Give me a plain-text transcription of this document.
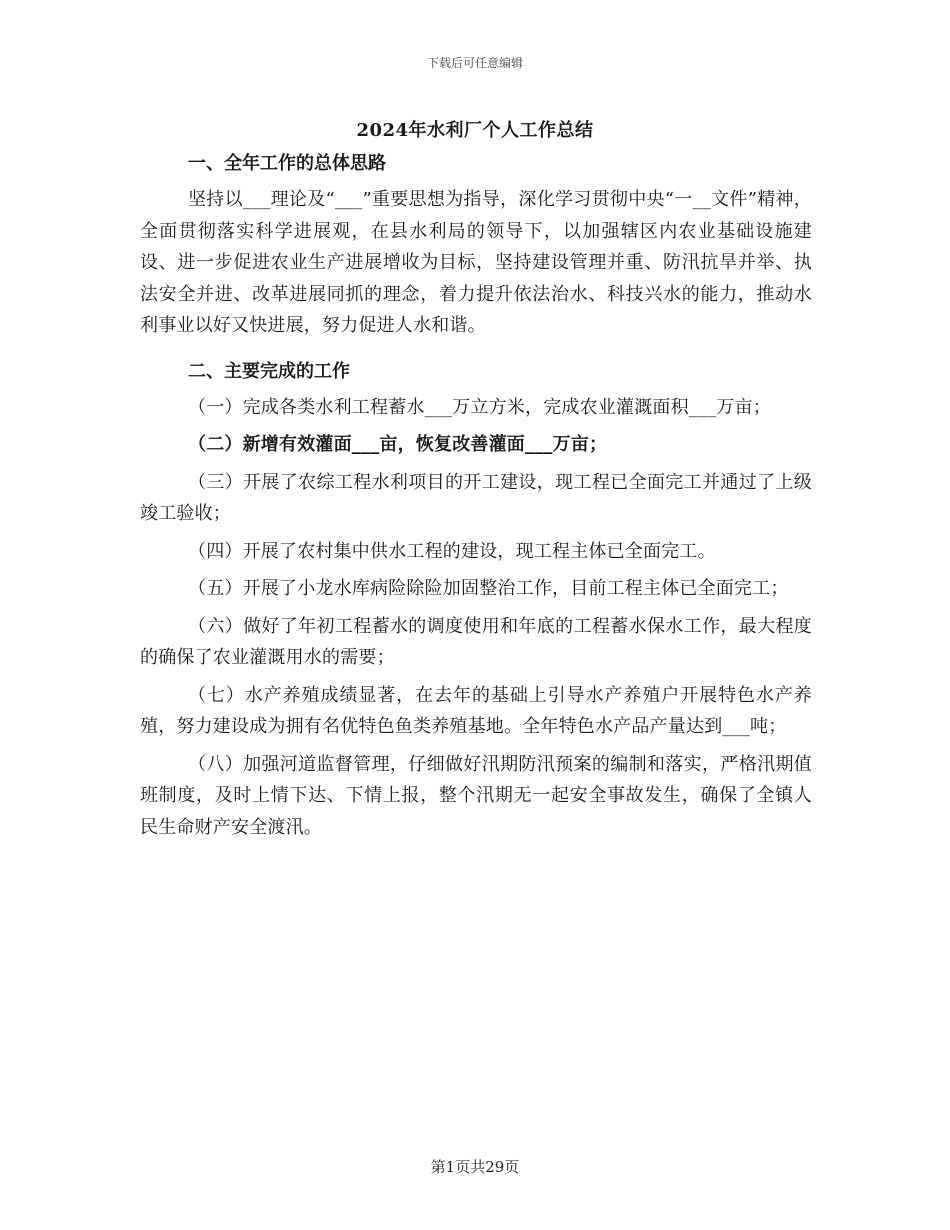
下载后可任意编辑
2024年水利厂个人工作总结
一、全年工作的总体思路

坚持以___理论及“___”重要思想为指导，深化学习贯彻中央“一__文件”精神，全面贯彻落实科学进展观，在县水利局的领导下，以加强辖区内农业基础设施建设、进一步促进农业生产进展增收为目标，坚持建设管理并重、防汛抗旱并举、执法安全并进、改革进展同抓的理念，着力提升依法治水、科技兴水的能力，推动水利事业以好又快进展，努力促进人水和谐。

二、主要完成的工作

（一）完成各类水利工程蓄水___万立方米，完成农业灌溉面积___万亩；

（二）新增有效灌面___亩，恢复改善灌面___万亩；

（三）开展了农综工程水利项目的开工建设，现工程已全面完工并通过了上级竣工验收；

（四）开展了农村集中供水工程的建设，现工程主体已全面完工。

（五）开展了小龙水库病险除险加固整治工作，目前工程主体已全面完工；

（六）做好了年初工程蓄水的调度使用和年底的工程蓄水保水工作，最大程度的确保了农业灌溉用水的需要；

（七）水产养殖成绩显著，在去年的基础上引导水产养殖户开展特色水产养殖，努力建设成为拥有名优特色鱼类养殖基地。全年特色水产品产量达到___吨；

（八）加强河道监督管理，仔细做好汛期防汛预案的编制和落实，严格汛期值班制度，及时上情下达、下情上报，整个汛期无一起安全事故发生，确保了全镇人民生命财产安全渡汛。

第1页共29页
